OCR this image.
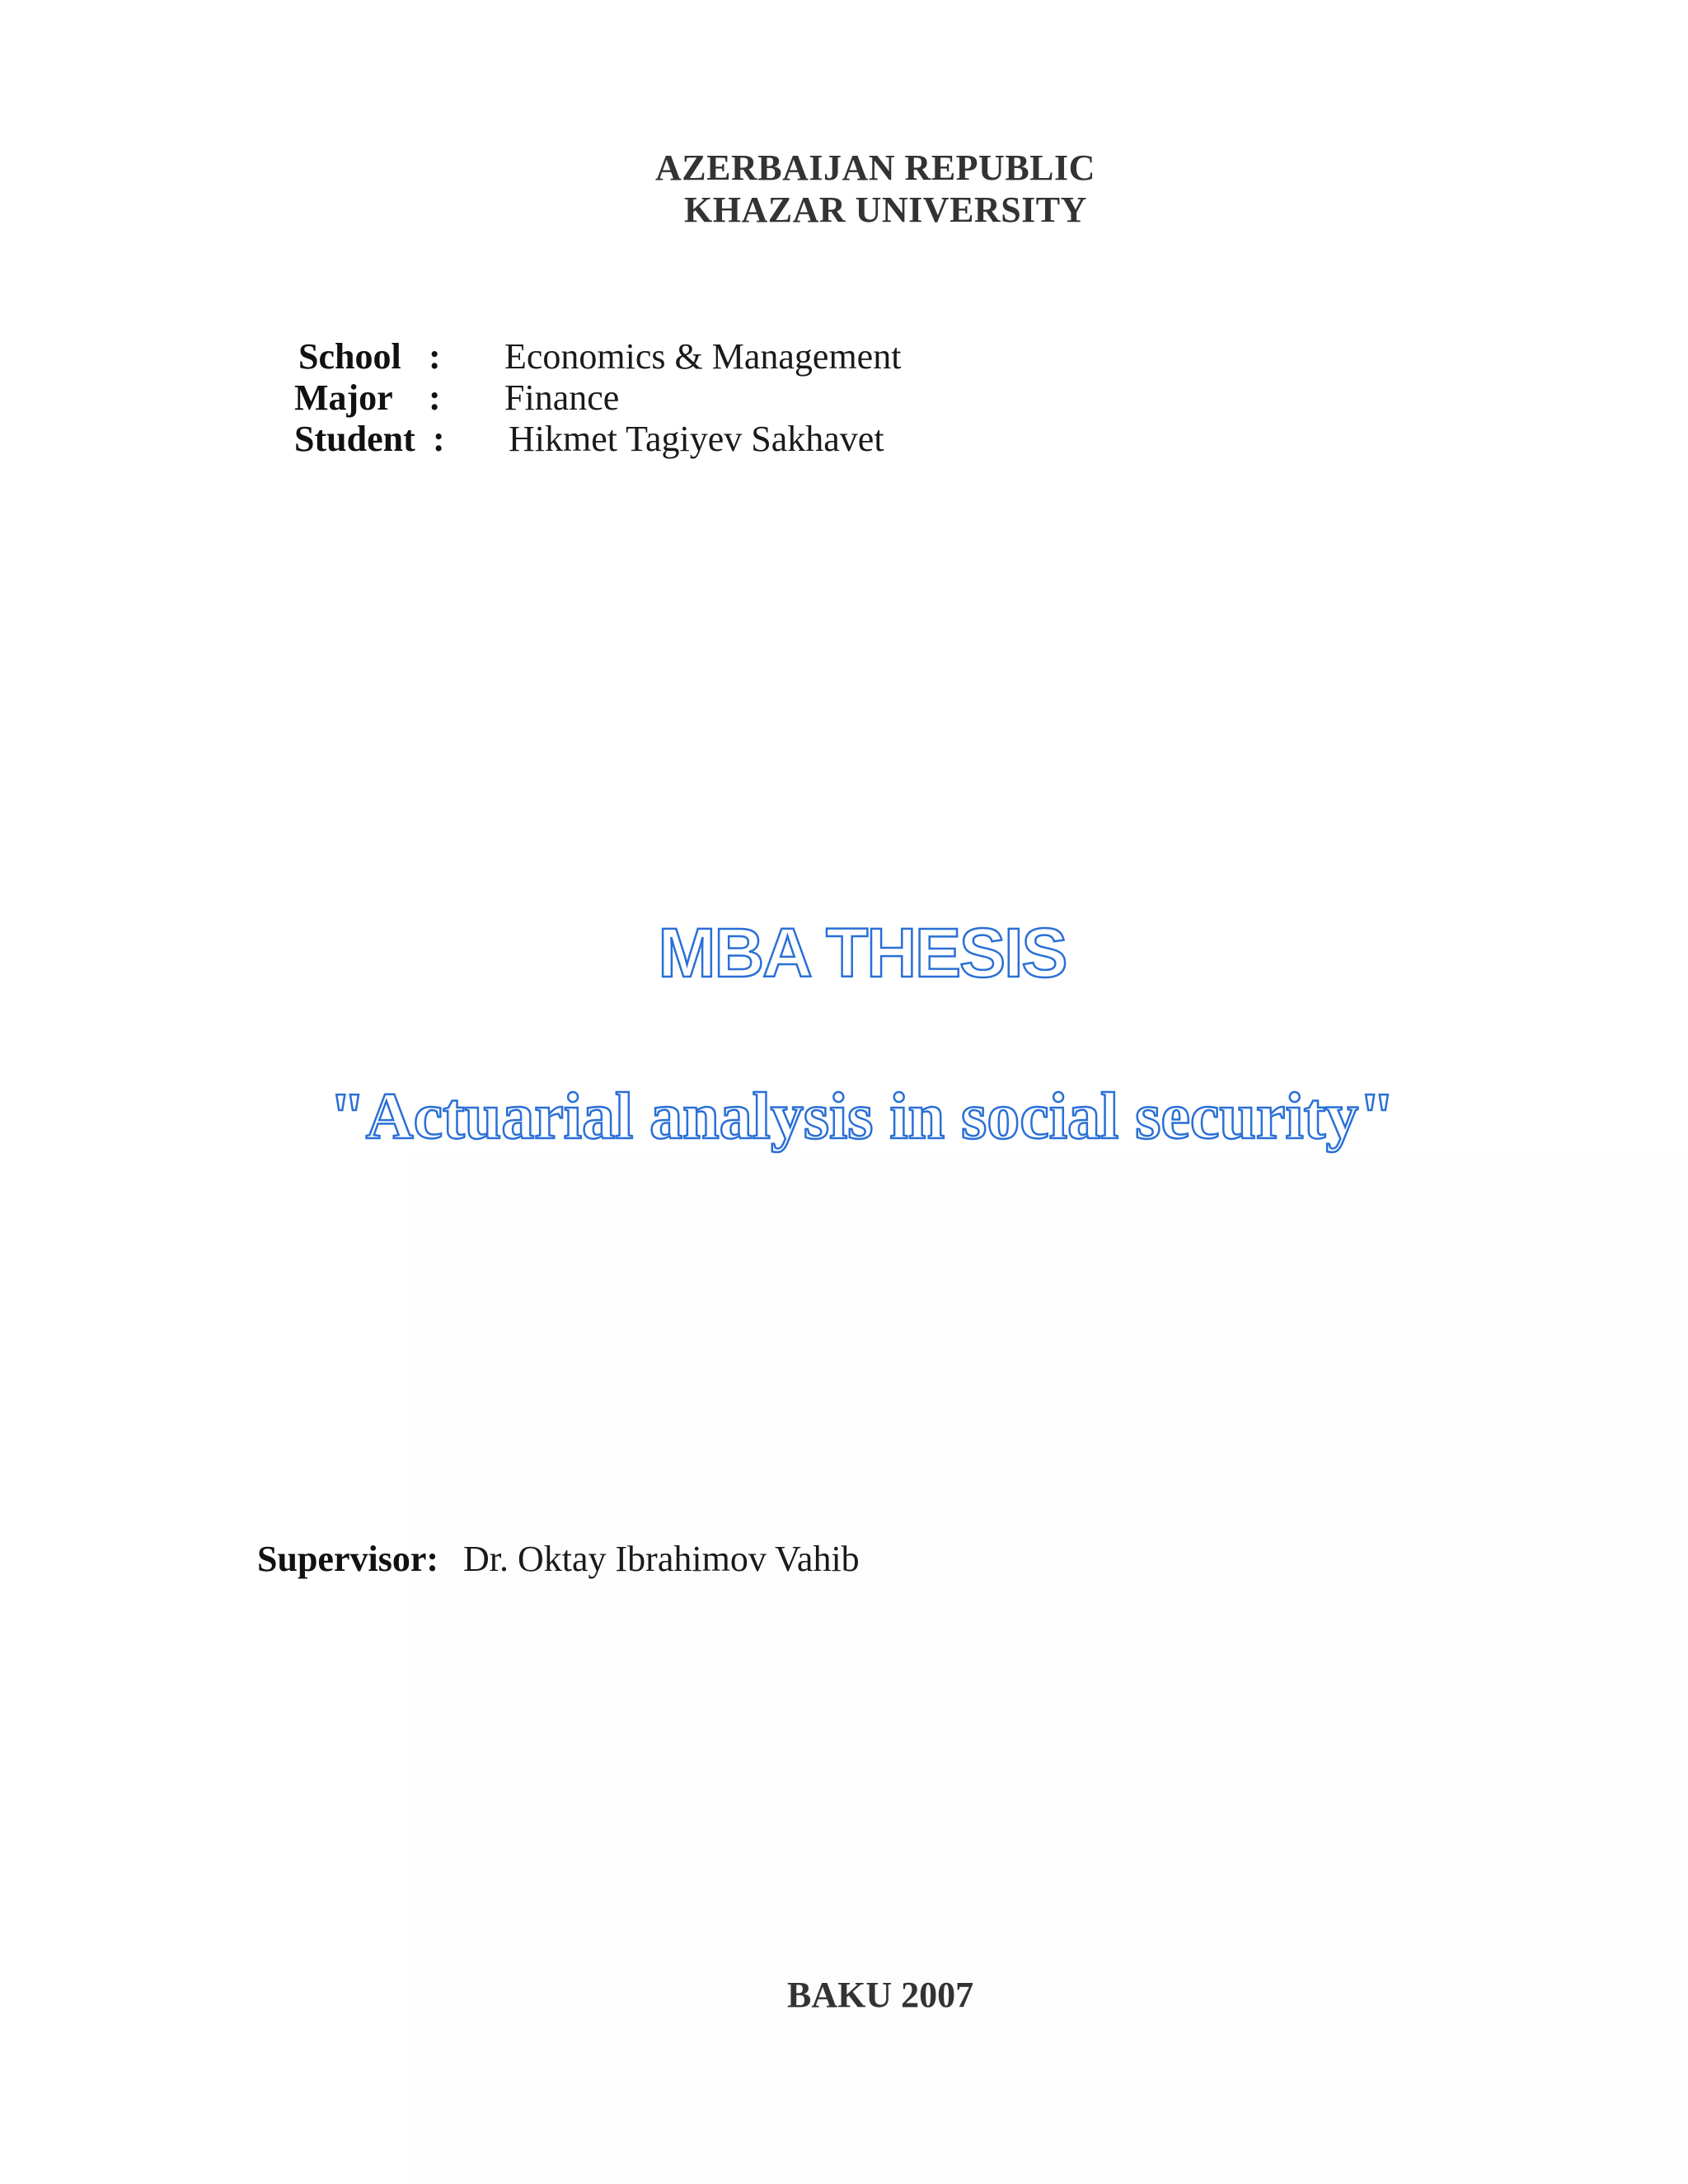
AZERBAIJAN REPUBLIC
KHAZAR UNIVERSITY
School : Economics & Management
Major : Finance
Student : Hikmet Tagiyev Sakhavet
MBA THESIS
"Actuarial analysis in social security"
Supervisor: Dr. Oktay Ibrahimov Vahib
BAKU 2007
